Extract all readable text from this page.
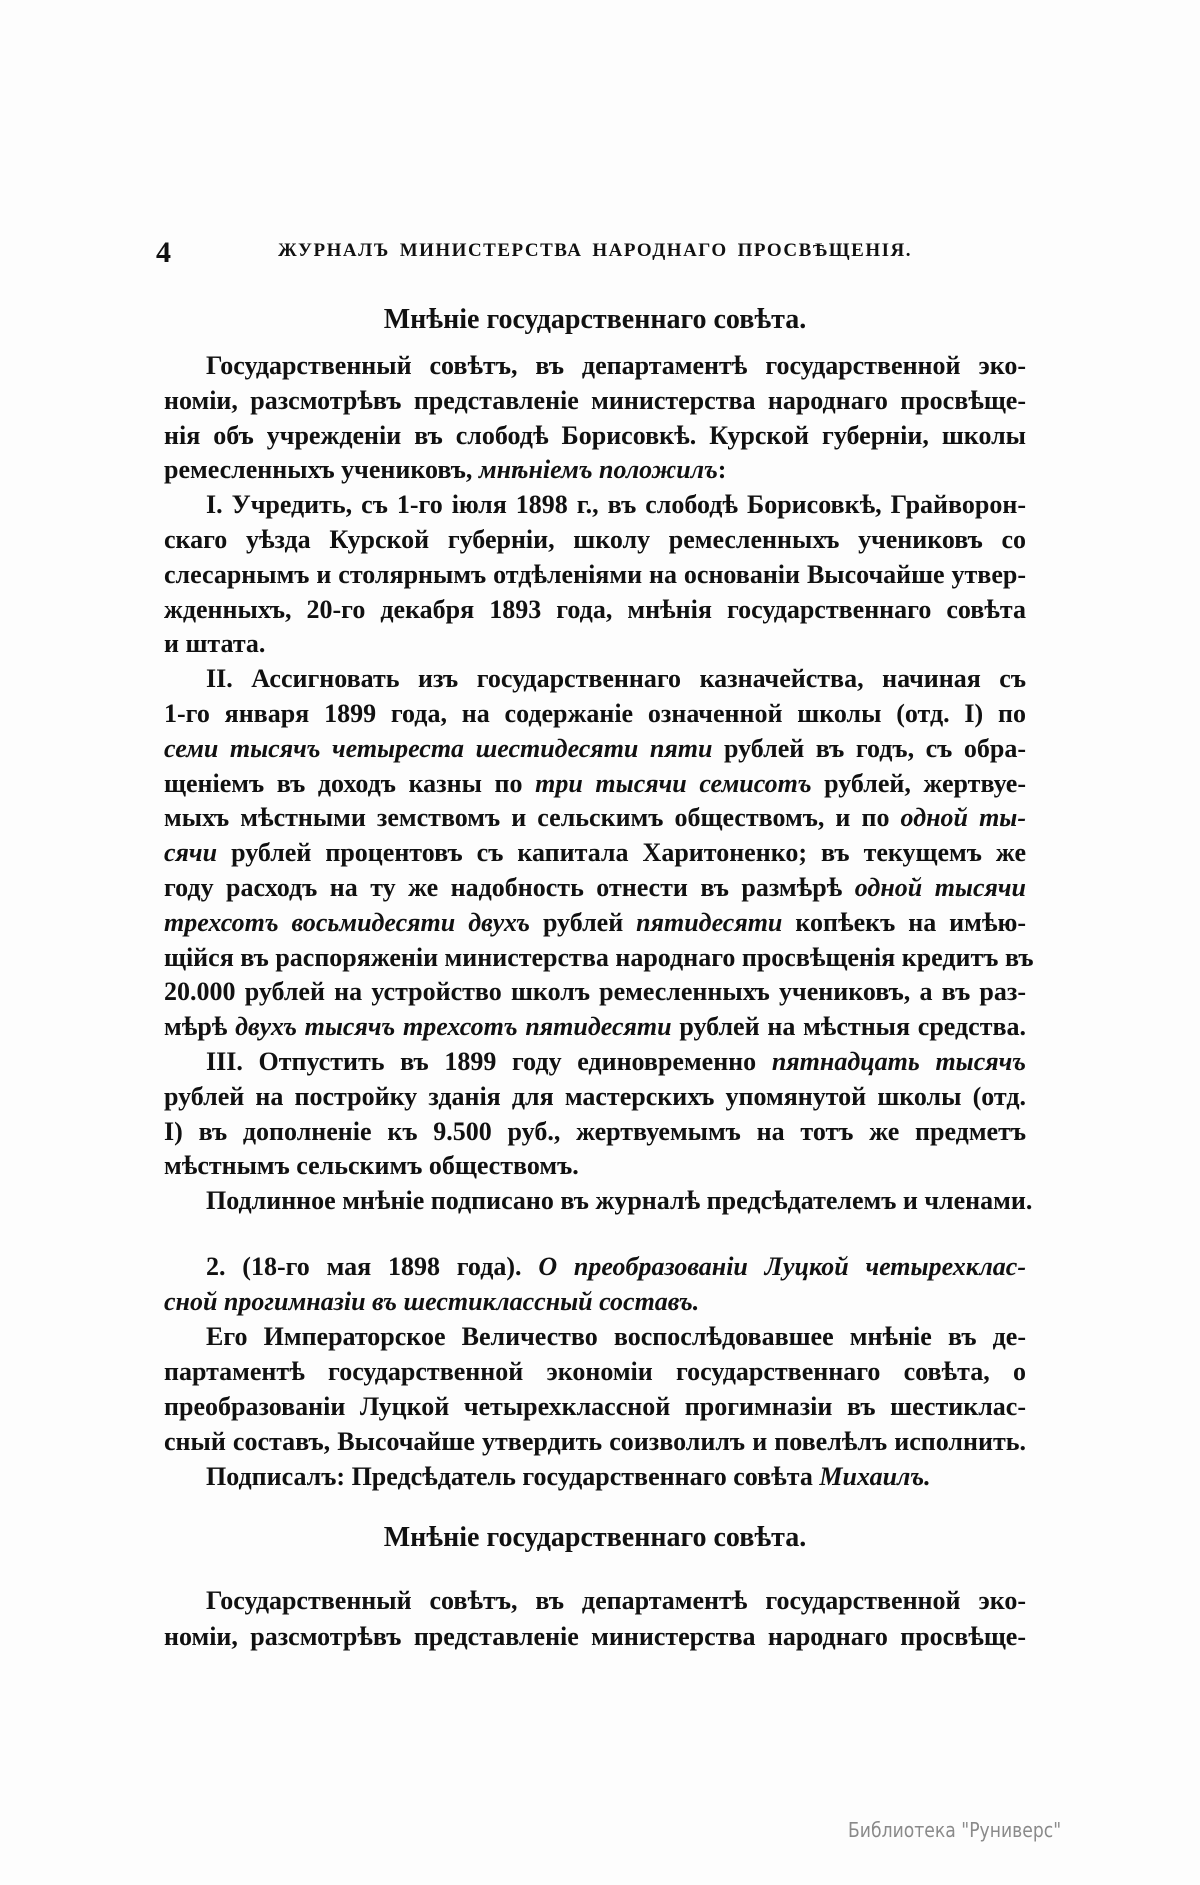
4	ЖУРНАЛЪ МИНИСТЕРСТВА НАРОДНАГО ПРОСВѢЩЕНІЯ.
Мнѣніе государственнаго совѣта.
Государственный совѣтъ, въ департаментѣ государственной эко-
номіи, разсмотрѣвъ представленіе министерства народнаго просвѣще-
нія объ учрежденіи въ слободѣ Борисовкѣ. Курской губерніи, школы
ремесленныхъ учениковъ, мнѣніемъ положилъ:
I. Учредить, съ 1-го іюля 1898 г., въ слободѣ Борисовкѣ, Грайворон-
скаго уѣзда Курской губерніи, школу ремесленныхъ учениковъ со
слесарнымъ и столярнымъ отдѣленіями на основаніи Высочайше утвер-
жденныхъ, 20-го декабря 1893 года, мнѣнія государственнаго совѣта
и штата.
II. Ассигновать изъ государственнаго казначейства, начиная съ
1-го января 1899 года, на содержаніе означенной школы (отд. I) по
семи тысячъ четыреста шестидесяти пяти рублей въ годъ, съ обра-
щеніемъ въ доходъ казны по три тысячи семисотъ рублей, жертвуе-
мыхъ мѣстными земствомъ и сельскимъ обществомъ, и по одной ты-
сячи рублей процентовъ съ капитала Харитоненко; въ текущемъ же
году расходъ на ту же надобность отнести въ размѣрѣ одной тысячи
трехсотъ восьмидесяти двухъ рублей пятидесяти копѣекъ на имѣю-
щійся въ распоряженіи министерства народнаго просвѣщенія кредитъ въ
20.000 рублей на устройство школъ ремесленныхъ учениковъ, а въ раз-
мѣрѣ двухъ тысячъ трехсотъ пятидесяти рублей на мѣстныя средства.
III. Отпустить въ 1899 году единовременно пятнадцать тысячъ
рублей на постройку зданія для мастерскихъ упомянутой школы (отд.
I) въ дополненіе къ 9.500 руб., жертвуемымъ на тотъ же предметъ
мѣстнымъ сельскимъ обществомъ.
Подлинное мнѣніе подписано въ журналѣ предсѣдателемъ и членами.
2. (18-го мая 1898 года). О преобразованіи Луцкой четырехклас-
сной прогимназіи въ шестиклассный составъ.
Его Императорское Величество воспослѣдовавшее мнѣніе въ де-
партаментѣ государственной экономіи государственнаго совѣта, о
преобразованіи Луцкой четырехклассной прогимназіи въ шестиклас-
сный составъ, Высочайше утвердить соизволилъ и повелѣлъ исполнить.
Подписалъ: Предсѣдатель государственнаго совѣта Михаилъ.
Мнѣніе государственнаго совѣта.
Государственный совѣтъ, въ департаментѣ государственной эко-
номіи, разсмотрѣвъ представленіе министерства народнаго просвѣще-
Библиотека "Руниверс"
